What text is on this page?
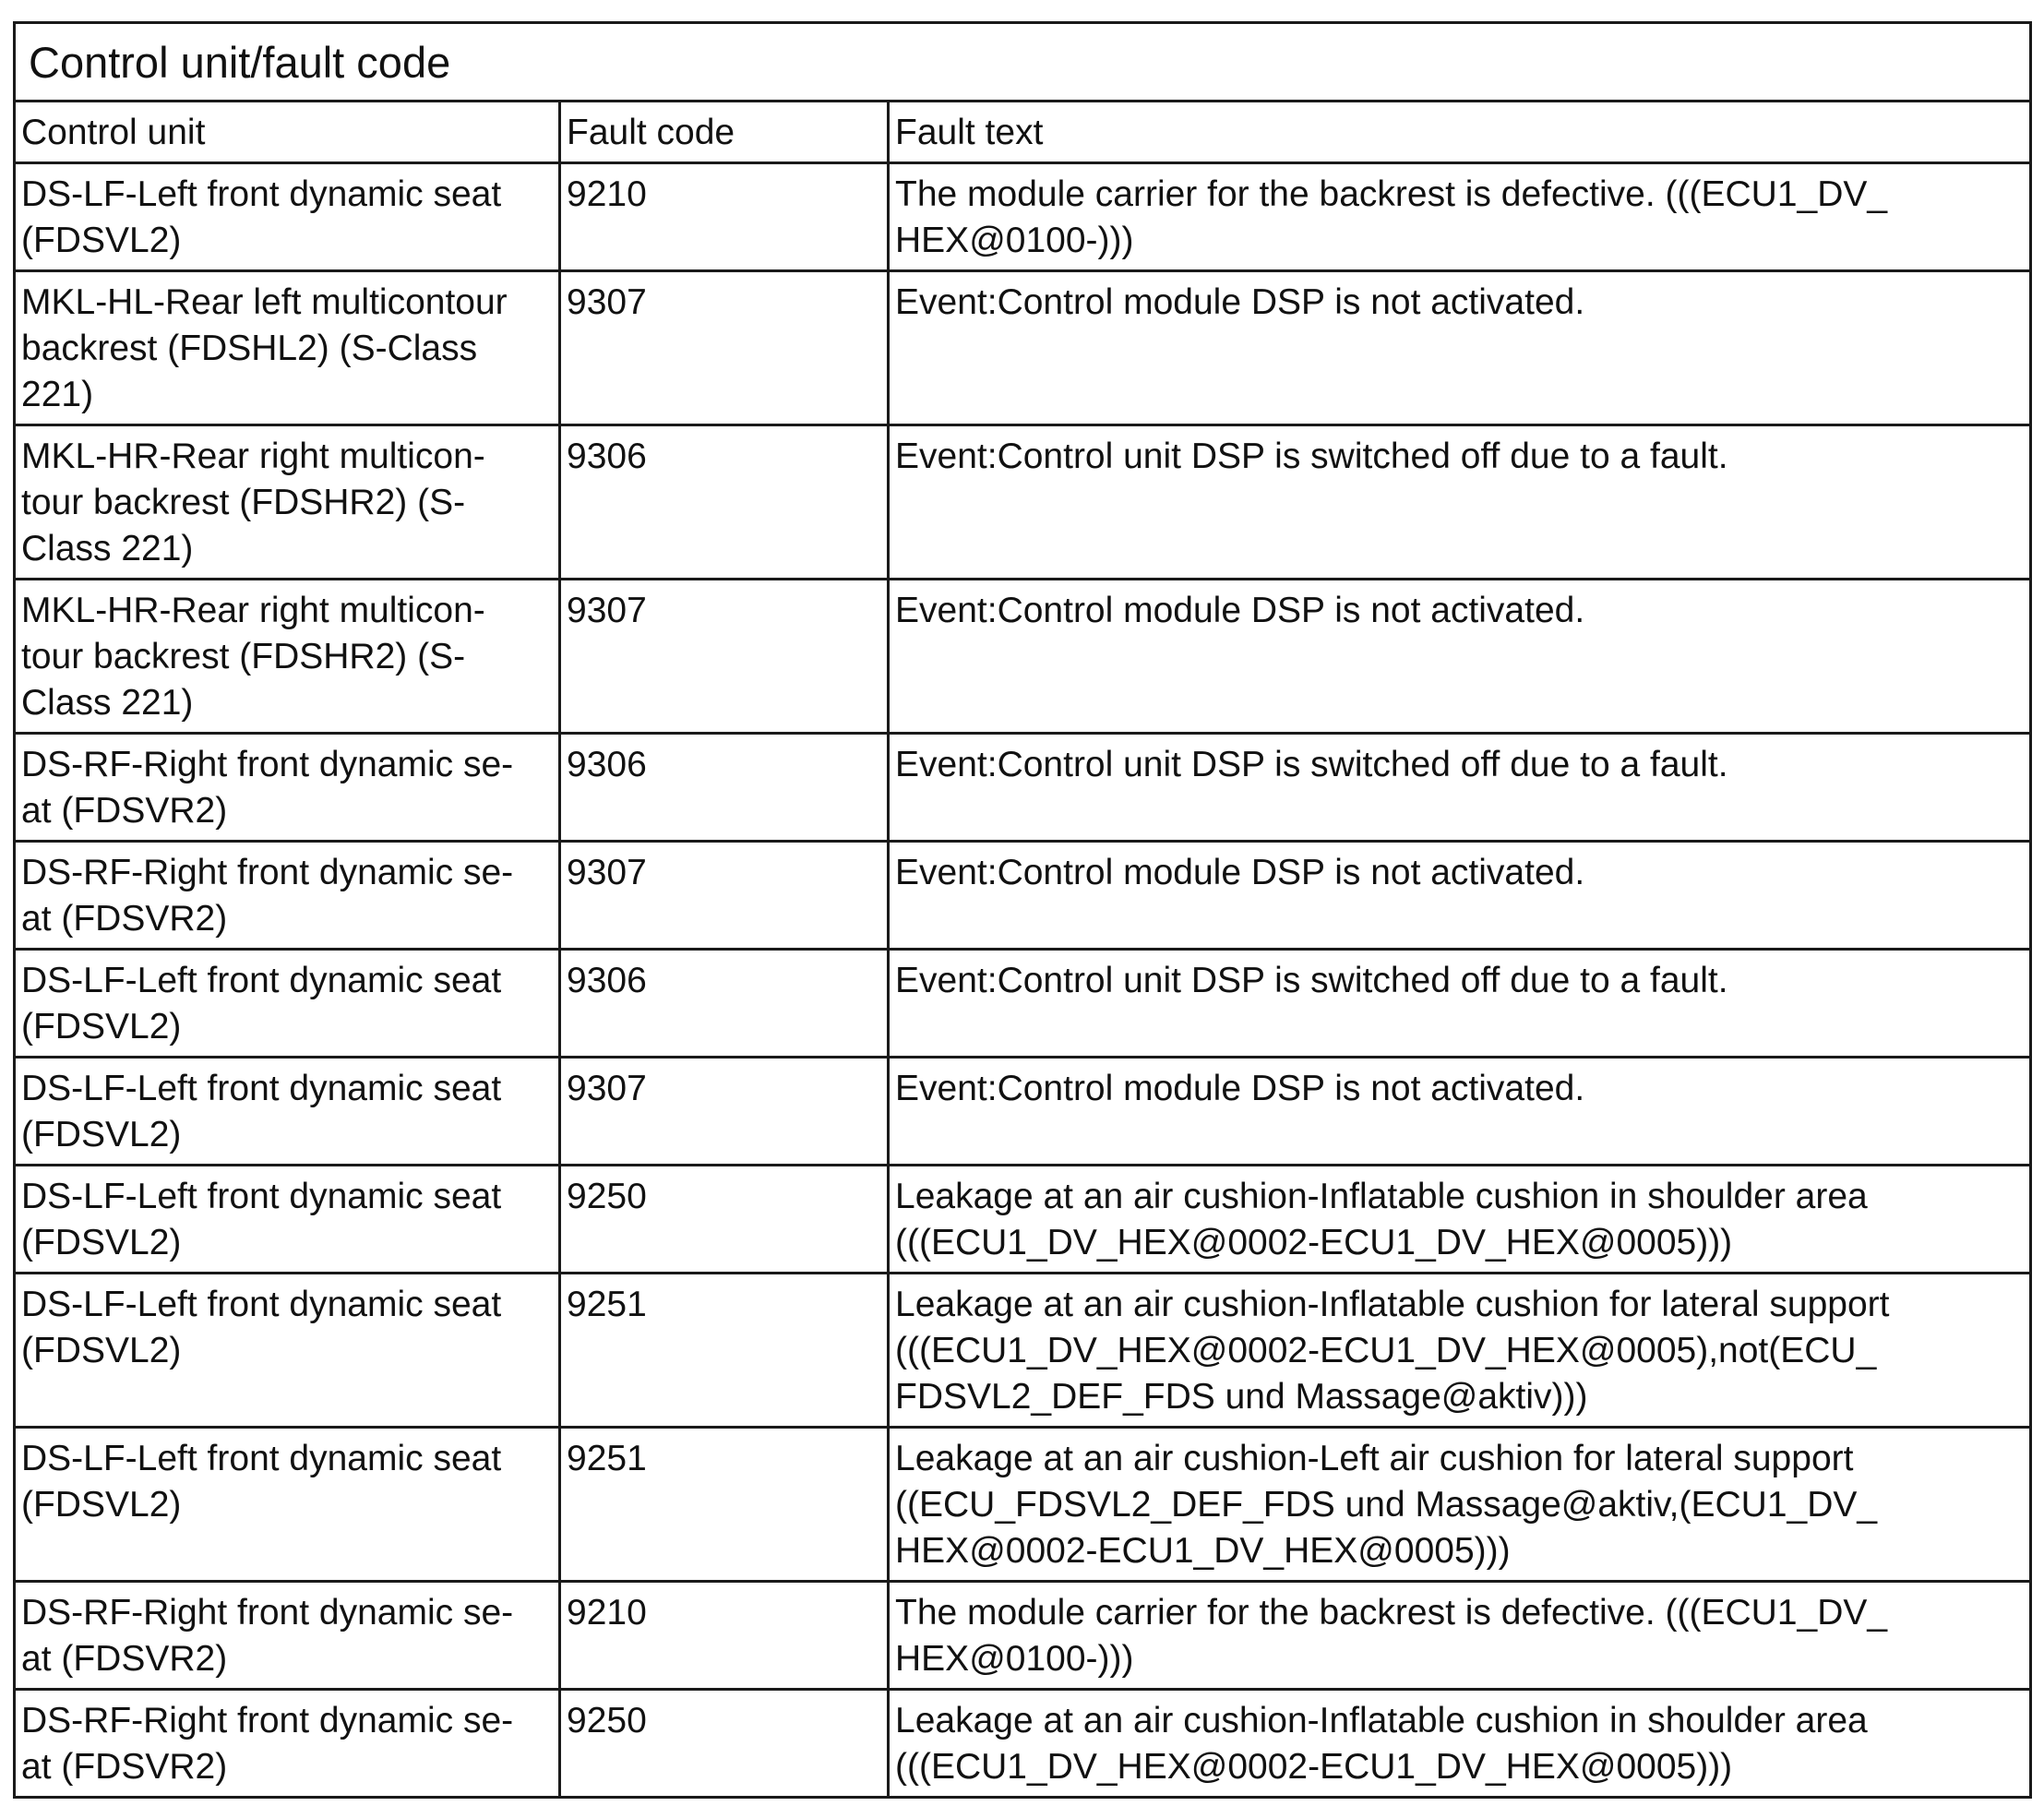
Control unit/fault code		
Control unit	Fault code	Fault text
DS-LF-Left front dynamic seat
(FDSVL2)	9210	The module carrier for the backrest is defective. (((ECU1_DV_
HEX@0100-)))
MKL-HL-Rear left multicontour
backrest (FDSHL2) (S-Class
221)	9307	Event:Control module DSP is not activated.
MKL-HR-Rear right multicon-
tour backrest (FDSHR2) (S-
Class 221)	9306	Event:Control unit DSP is switched off due to a fault.
MKL-HR-Rear right multicon-
tour backrest (FDSHR2) (S-
Class 221)	9307	Event:Control module DSP is not activated.
DS-RF-Right front dynamic se-
at (FDSVR2)	9306	Event:Control unit DSP is switched off due to a fault.
DS-RF-Right front dynamic se-
at (FDSVR2)	9307	Event:Control module DSP is not activated.
DS-LF-Left front dynamic seat
(FDSVL2)	9306	Event:Control unit DSP is switched off due to a fault.
DS-LF-Left front dynamic seat
(FDSVL2)	9307	Event:Control module DSP is not activated.
DS-LF-Left front dynamic seat
(FDSVL2)	9250	Leakage at an air cushion-Inflatable cushion in shoulder area
(((ECU1_DV_HEX@0002-ECU1_DV_HEX@0005)))
DS-LF-Left front dynamic seat
(FDSVL2)	9251	Leakage at an air cushion-Inflatable cushion for lateral support
(((ECU1_DV_HEX@0002-ECU1_DV_HEX@0005),not(ECU_
FDSVL2_DEF_FDS und Massage@aktiv)))
DS-LF-Left front dynamic seat
(FDSVL2)	9251	Leakage at an air cushion-Left air cushion for lateral support
((ECU_FDSVL2_DEF_FDS und Massage@aktiv,(ECU1_DV_
HEX@0002-ECU1_DV_HEX@0005)))
DS-RF-Right front dynamic se-
at (FDSVR2)	9210	The module carrier for the backrest is defective. (((ECU1_DV_
HEX@0100-)))
DS-RF-Right front dynamic se-
at (FDSVR2)	9250	Leakage at an air cushion-Inflatable cushion in shoulder area
(((ECU1_DV_HEX@0002-ECU1_DV_HEX@0005)))
